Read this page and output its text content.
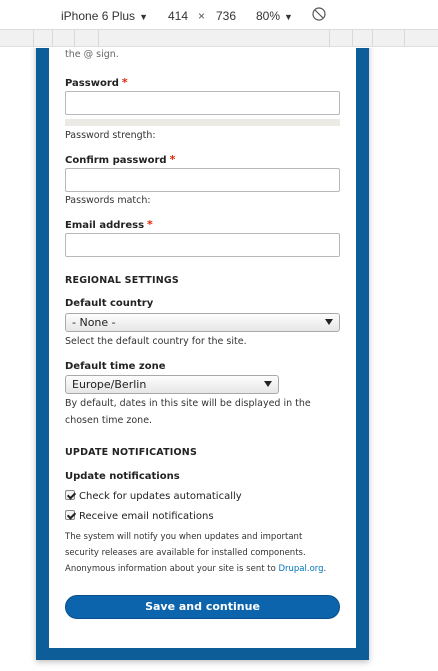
iPhone 6 Plus ▼ 414 × 736 80% ▼
the @ sign.
Password *
Password strength:
Confirm password *
Passwords match:
Email address *
REGIONAL SETTINGS
Default country
- None -
Select the default country for the site.
Default time zone
Europe/Berlin
By default, dates in this site will be displayed in the
chosen time zone.
UPDATE NOTIFICATIONS
Update notifications
Check for updates automatically
Receive email notifications
The system will notify you when updates and important
security releases are available for installed components.
Anonymous information about your site is sent to Drupal.org.
Save and continue
